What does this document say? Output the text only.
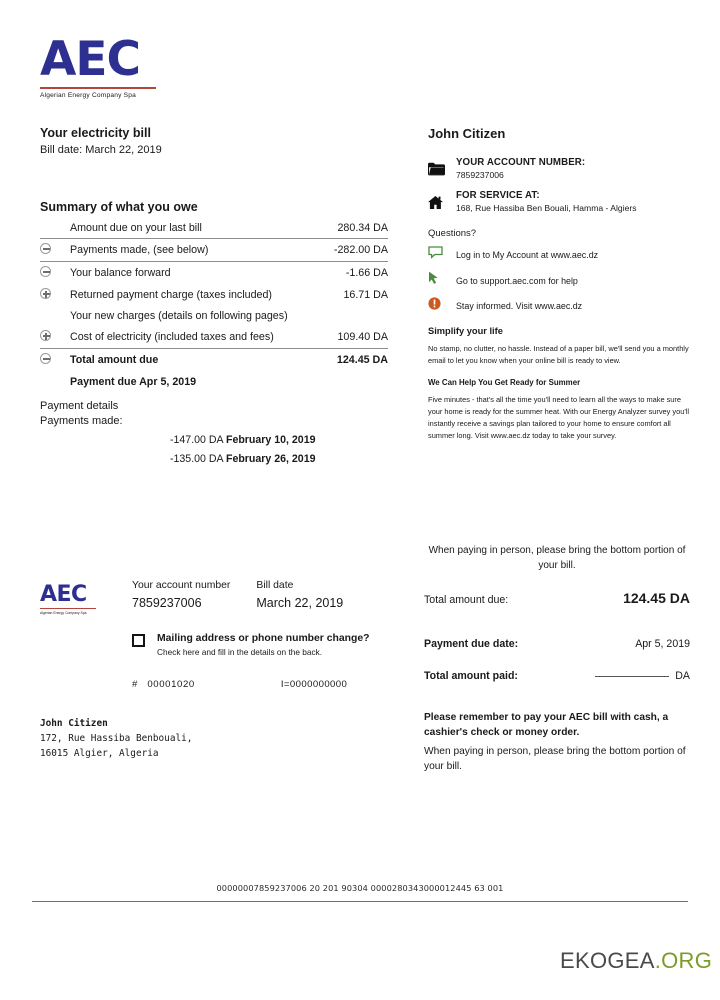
AEC
Algerian Energy Company Spa
Your electricity bill
Bill date: March 22, 2019
Summary of what you owe
	Amount due on your last bill	280.34 DA
	Payments made, (see below)	-282.00 DA
	Your balance forward	-1.66 DA
	Returned payment charge (taxes included)	16.71 DA
	Your new charges (details on following pages)	
	Cost of electricity (included taxes and fees)	109.40 DA
	Total amount due	124.45 DA
Payment due Apr 5, 2019
Payment details
Payments made:
-147.00 DA February 10, 2019
-135.00 DA February 26, 2019
John Citizen
YOUR ACCOUNT NUMBER:
7859237006
FOR SERVICE AT:
168, Rue Hassiba Ben Bouali, Hamma - Algiers
Questions?
Log in to My Account at www.aec.dz
Go to support.aec.com for help
Stay informed. Visit www.aec.dz
Simplify your life
No stamp, no clutter, no hassle. Instead of a paper bill, we'll send you a monthly email to let you know when your online bill is ready to view.
We Can Help You Get Ready for Summer
Five minutes - that's all the time you'll need to learn all the ways to make sure your home is ready for the summer heat. With our Energy Analyzer survey you'll instantly receive a savings plan tailored to your home to ensure comfort all summer long. Visit www.aec.dz today to take your survey.
AEC
Algerian Energy Company Spa
Your account number
7859237006
Bill date
March 22, 2019
Mailing address or phone number change?
Check here and fill in the details on the back.
# 00001020	I=0000000000
John Citizen
172, Rue Hassiba Benbouali,
16015 Algier, Algeria
When paying in person, please bring the bottom portion of your bill.
Total amount due:	124.45 DA
Payment due date:	Apr 5, 2019
Total amount paid:	DA
Please remember to pay your AEC bill with cash, a cashier's check or money order.
When paying in person, please bring the bottom portion of your bill.
00000007859237006 20 201 90304 0000280343000012445 63 001
EKOGEA.ORG
